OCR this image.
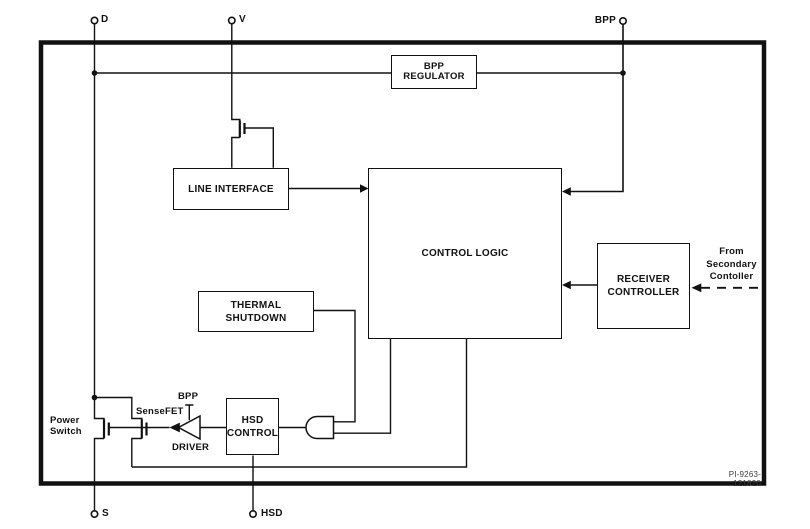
BPP
REGULATOR
LINE INTERFACE
CONTROL LOGIC
RECEIVER
CONTROLLER
THERMAL SHUTDOWN
HSD
CONTROL
D	V	BPP
S	HSD
Power
Switch
SenseFET
BPP
DRIVER
From
Secondary
Contoller
PI-9263-121820
